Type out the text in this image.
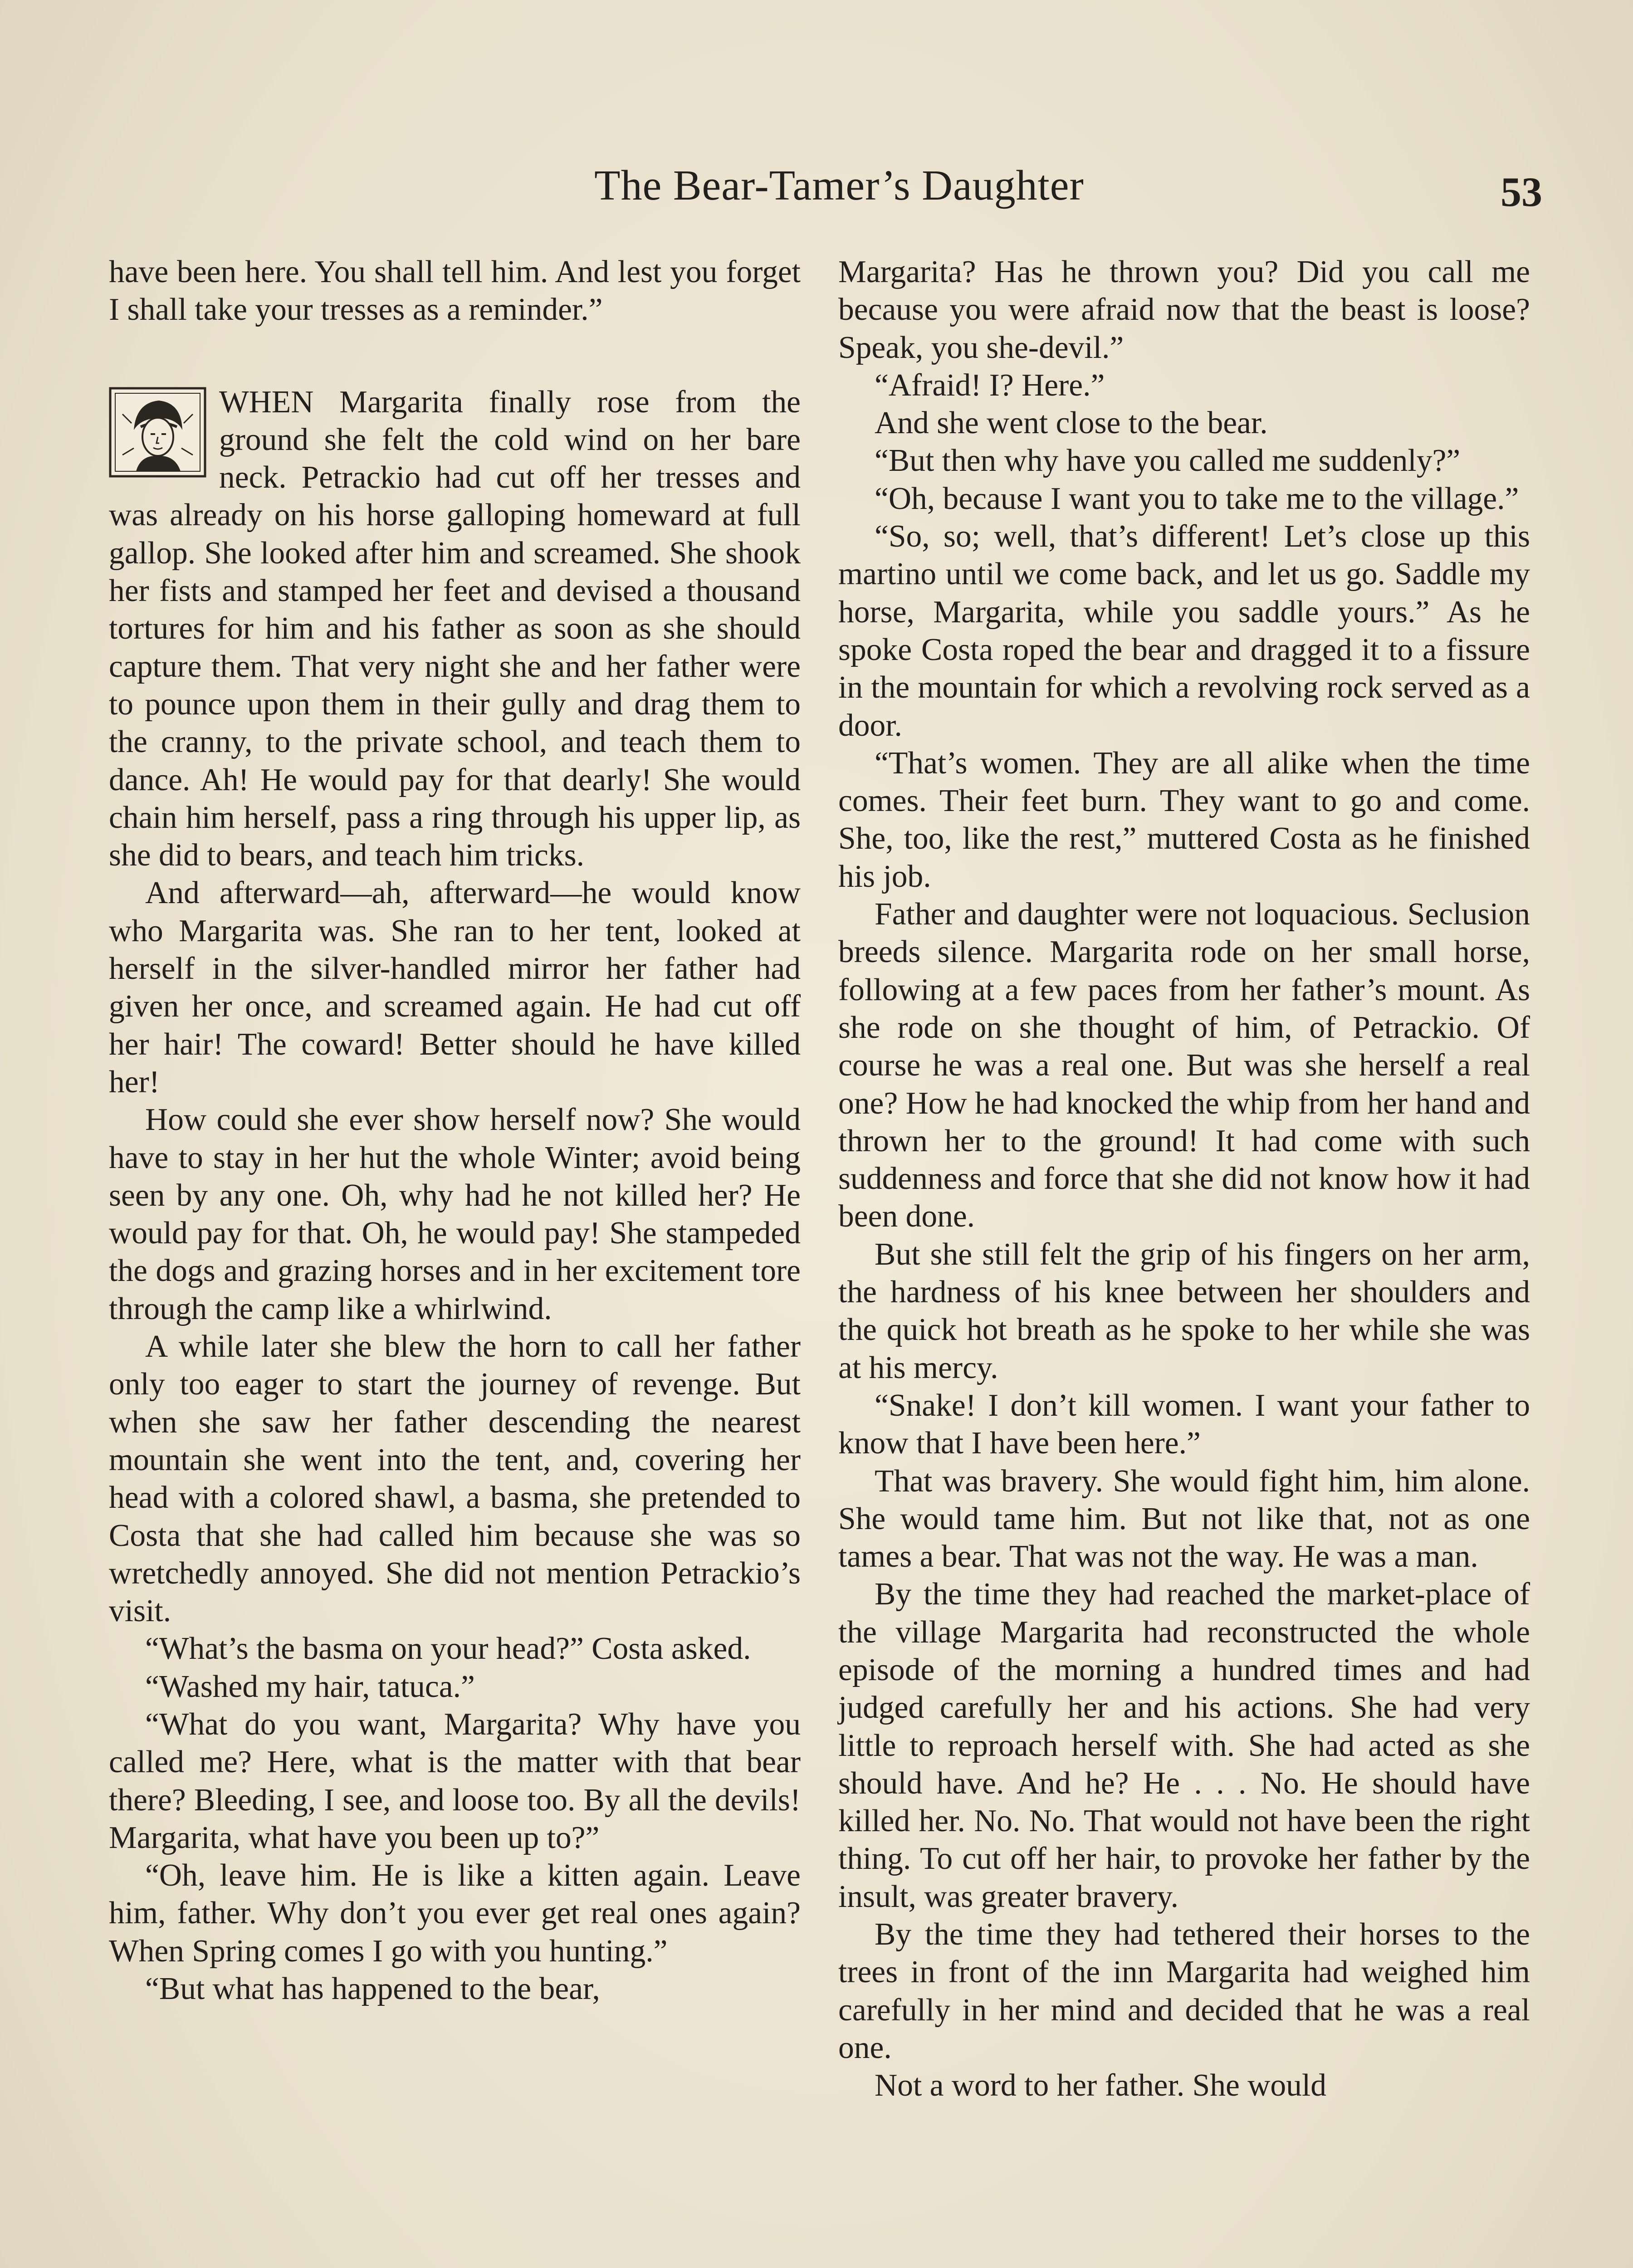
The Bear-Tamer’s Daughter	53

have been here. You shall tell him. And lest you forget I shall take your tresses as a reminder.”

WHEN Margarita finally rose from the ground she felt the cold wind on her bare neck. Petrackio had cut off her tresses and was already on his horse galloping homeward at full gallop. She looked after him and screamed. She shook her fists and stamped her feet and devised a thousand tortures for him and his father as soon as she should capture them. That very night she and her father were to pounce upon them in their gully and drag them to the cranny, to the private school, and teach them to dance. Ah! He would pay for that dearly! She would chain him herself, pass a ring through his upper lip, as she did to bears, and teach him tricks.

And afterward—ah, afterward—he would know who Margarita was. She ran to her tent, looked at herself in the silver-handled mirror her father had given her once, and screamed again. He had cut off her hair! The coward! Better should he have killed her!

How could she ever show herself now? She would have to stay in her hut the whole Winter; avoid being seen by any one. Oh, why had he not killed her? He would pay for that. Oh, he would pay! She stampeded the dogs and grazing horses and in her excitement tore through the camp like a whirlwind.

A while later she blew the horn to call her father only too eager to start the journey of revenge. But when she saw her father descending the nearest mountain she went into the tent, and, covering her head with a colored shawl, a basma, she pretended to Costa that she had called him because she was so wretchedly annoyed. She did not mention Petrackio’s visit.

“What’s the basma on your head?” Costa asked.

“Washed my hair, tatuca.”

“What do you want, Margarita? Why have you called me? Here, what is the matter with that bear there? Bleeding, I see, and loose too. By all the devils! Margarita, what have you been up to?”

“Oh, leave him. He is like a kitten again. Leave him, father. Why don’t you ever get real ones again? When Spring comes I go with you hunting.”

“But what has happened to the bear,

Margarita? Has he thrown you? Did you call me because you were afraid now that the beast is loose? Speak, you she-devil.”

“Afraid! I? Here.”

And she went close to the bear.

“But then why have you called me suddenly?”

“Oh, because I want you to take me to the village.”

“So, so; well, that’s different! Let’s close up this martino until we come back, and let us go. Saddle my horse, Margarita, while you saddle yours.” As he spoke Costa roped the bear and dragged it to a fissure in the mountain for which a revolving rock served as a door.

“That’s women. They are all alike when the time comes. Their feet burn. They want to go and come. She, too, like the rest,” muttered Costa as he finished his job.

Father and daughter were not loquacious. Seclusion breeds silence. Margarita rode on her small horse, following at a few paces from her father’s mount. As she rode on she thought of him, of Petrackio. Of course he was a real one. But was she herself a real one? How he had knocked the whip from her hand and thrown her to the ground! It had come with such suddenness and force that she did not know how it had been done.

But she still felt the grip of his fingers on her arm, the hardness of his knee between her shoulders and the quick hot breath as he spoke to her while she was at his mercy.

“Snake! I don’t kill women. I want your father to know that I have been here.”

That was bravery. She would fight him, him alone. She would tame him. But not like that, not as one tames a bear. That was not the way. He was a man.

By the time they had reached the market-place of the village Margarita had reconstructed the whole episode of the morning a hundred times and had judged carefully her and his actions. She had very little to reproach herself with. She had acted as she should have. And he? He . . . No. He should have killed her. No. No. That would not have been the right thing. To cut off her hair, to provoke her father by the insult, was greater bravery.

By the time they had tethered their horses to the trees in front of the inn Margarita had weighed him carefully in her mind and decided that he was a real one.

Not a word to her father. She would
